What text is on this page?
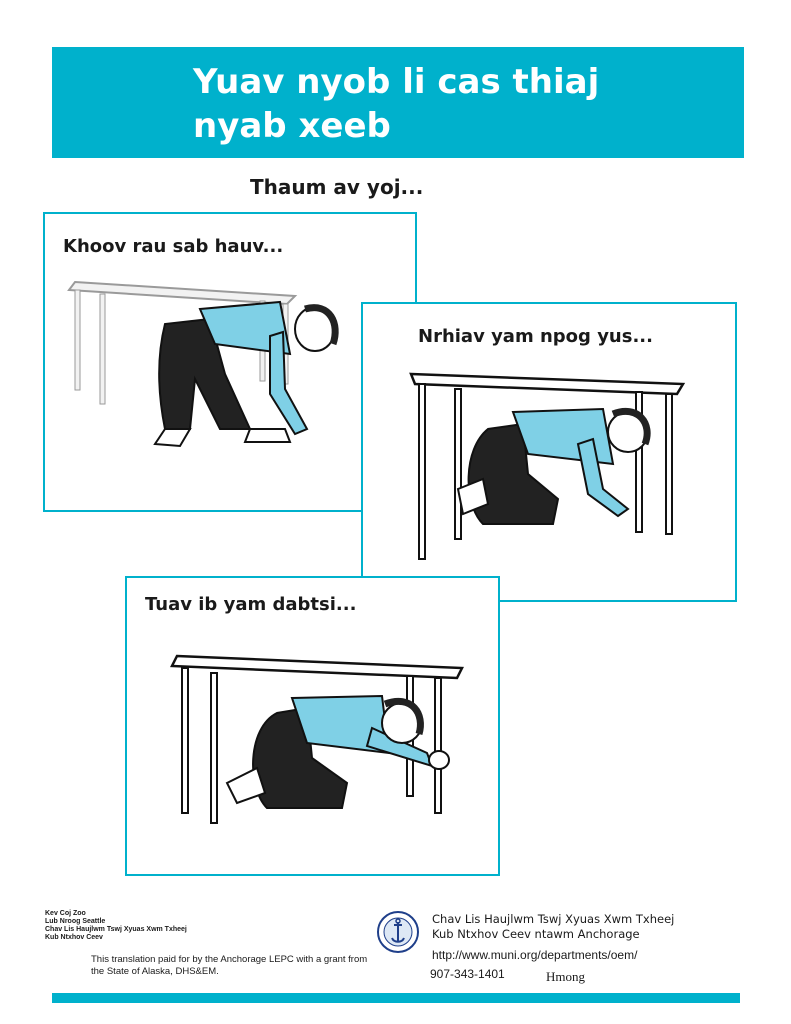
Yuav nyob li cas thiaj
nyab xeeb
Thaum av yoj...
Khoov rau sab hauv...
Nrhiav yam npog yus...
Tuav ib yam dabtsi...
Kev Coj Zoo
Lub Nroog Seattle
Chav Lis Haujlwm Tswj Xyuas Xwm Txheej
Kub Ntxhov Ceev

This translation paid for by the Anchorage LEPC with a grant from the State of Alaska, DHS&EM.

Chav Lis Haujlwm Tswj Xyuas Xwm Txheej
Kub Ntxhov Ceev ntawm Anchorage
http://www.muni.org/departments/oem/
907-343-1401	Hmong
